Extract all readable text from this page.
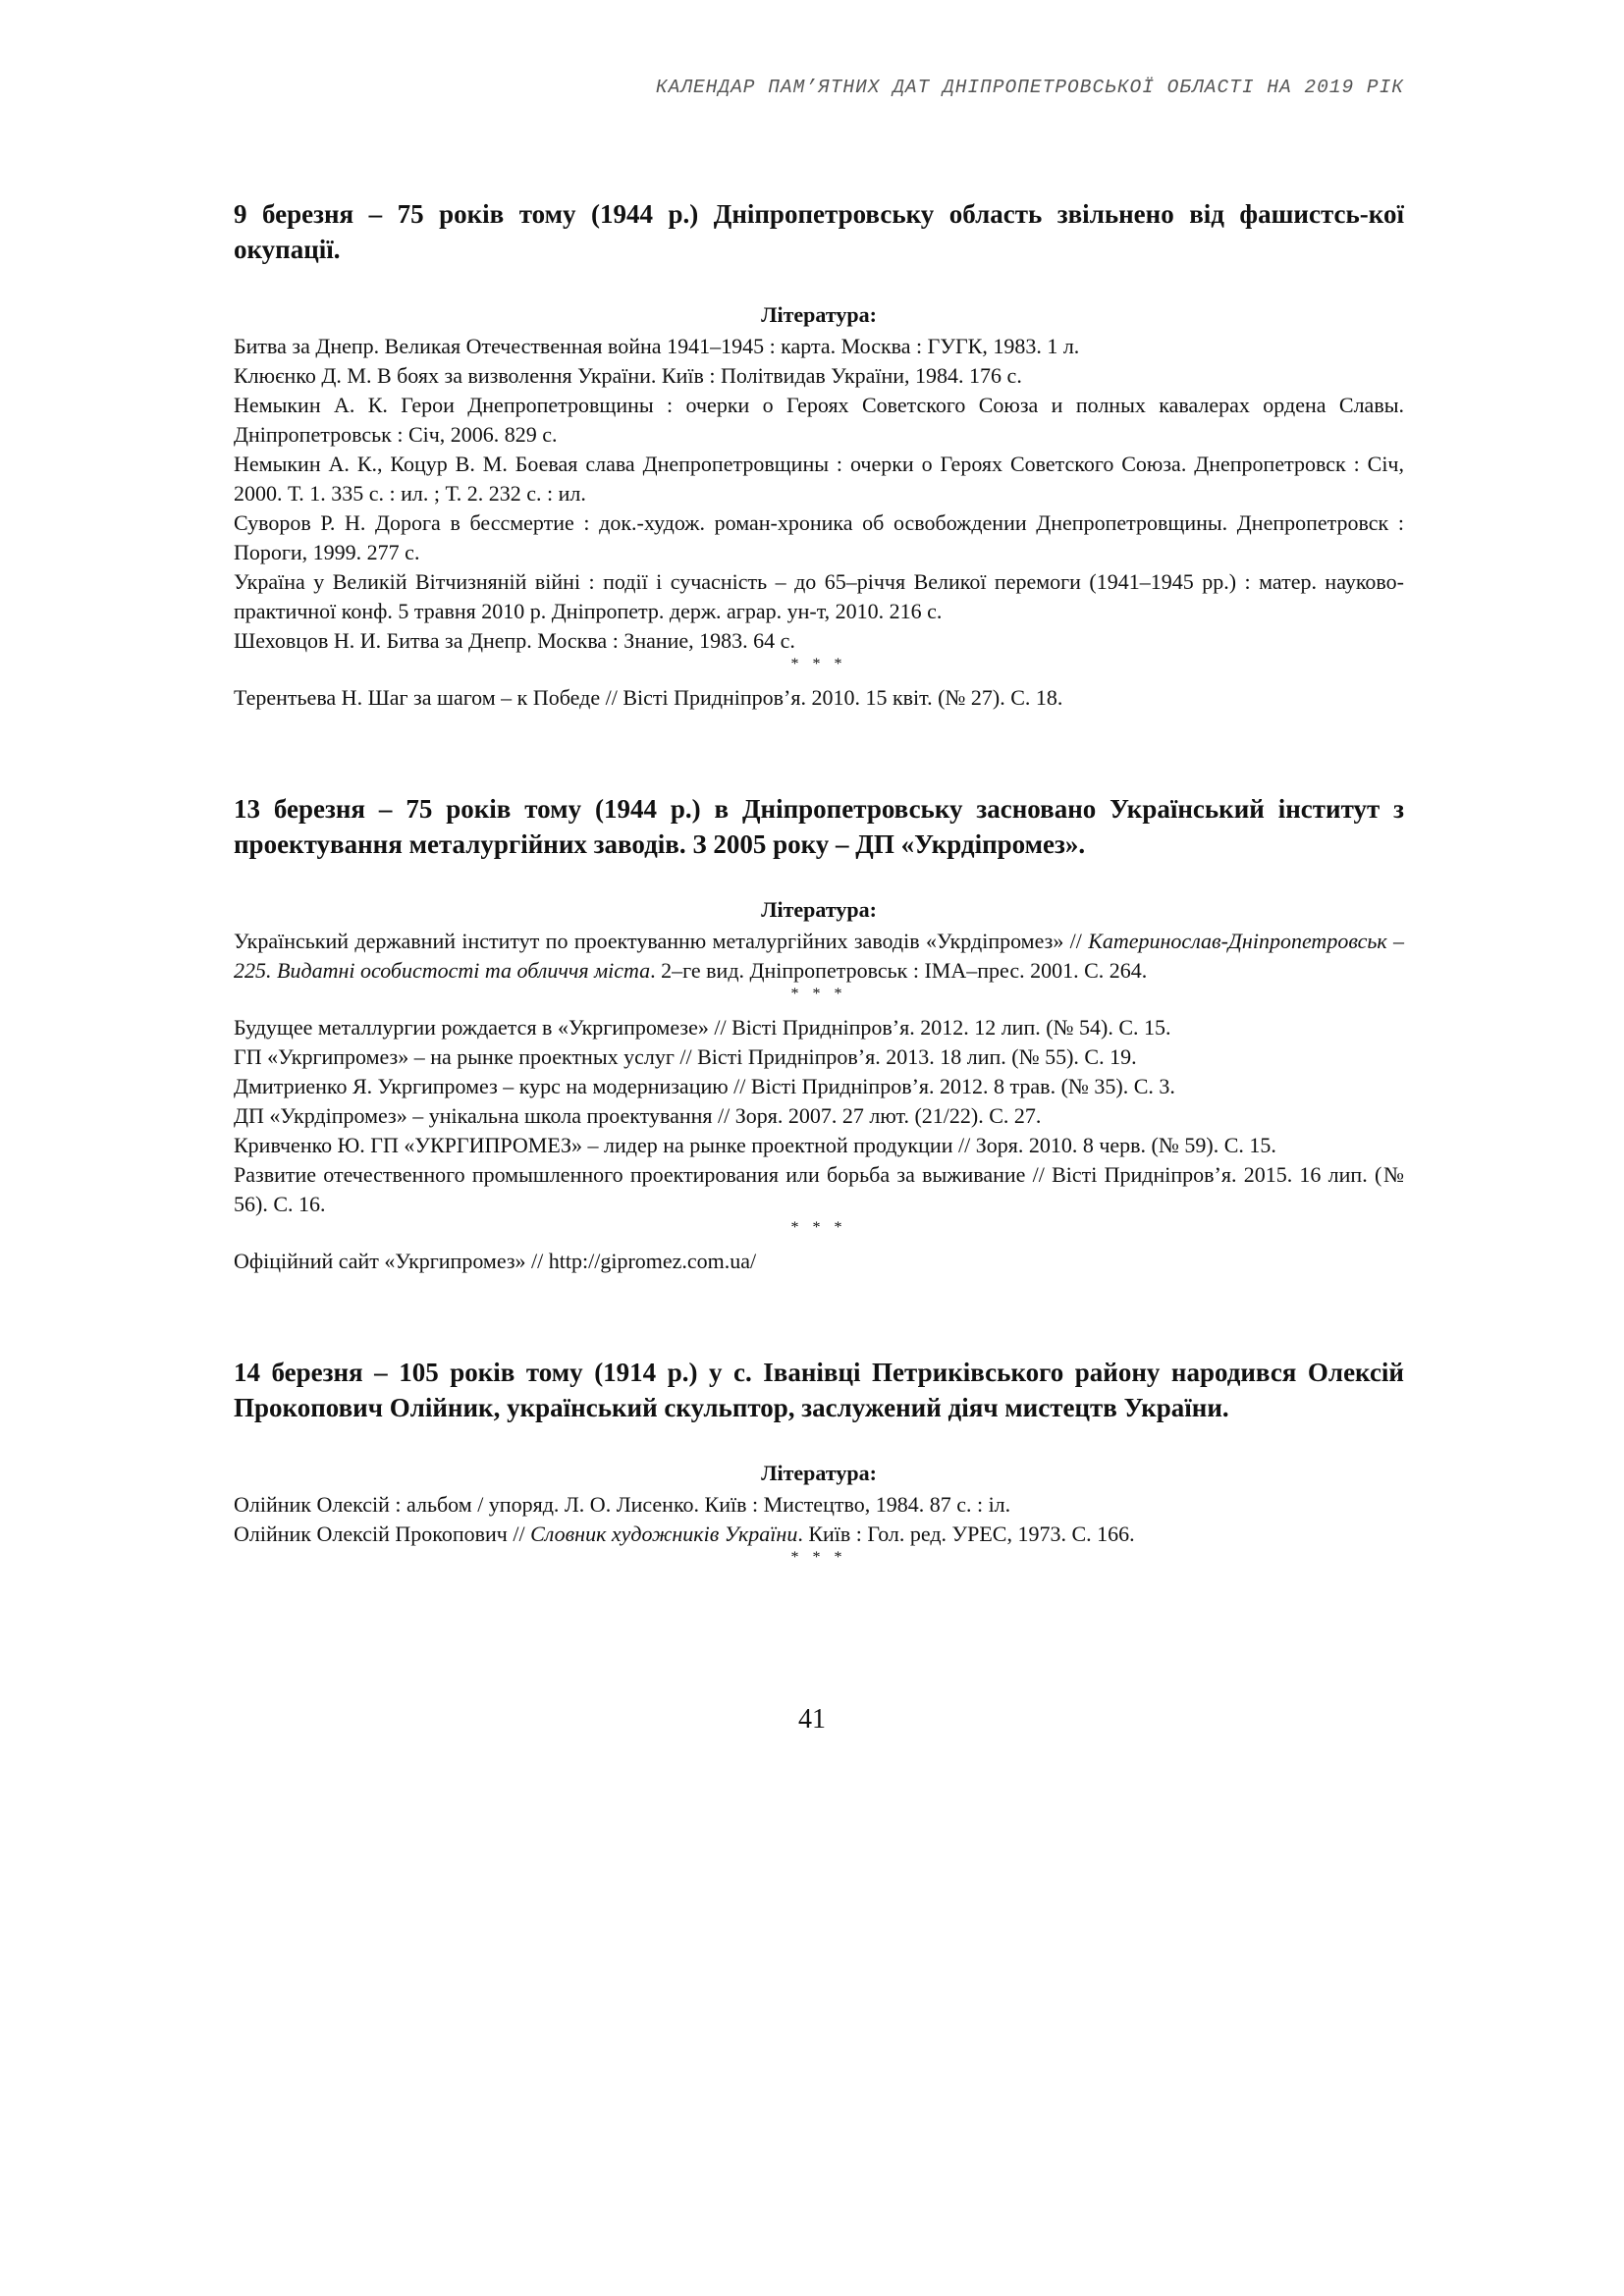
КАЛЕНДАР ПАМ’ЯТНИХ ДАТ ДНІПРОПЕТРОВСЬКОЇ ОБЛАСТІ НА 2019 РІК

9 березня – 75 років тому (1944 р.) Дніпропетровську область звільнено від фашистсь-кої окупації.

Література:

Битва за Днепр. Великая Отечественная война 1941–1945 : карта. Москва : ГУГК, 1983. 1 л.

Клюєнко Д. М. В боях за визволення України. Київ : Політвидав України, 1984. 176 с.

Немыкин А. К. Герои Днепропетровщины : очерки о Героях Советского Союза и полных кавалерах ордена Славы. Дніпропетровськ : Січ, 2006. 829 с.

Немыкин А. К., Коцур В. М. Боевая слава Днепропетровщины : очерки о Героях Советского Союза. Днепропетровск : Січ, 2000. Т. 1. 335 с. : ил. ; Т. 2. 232 с. : ил.

Суворов Р. Н. Дорога в бессмертие : док.-худож. роман-хроника об освобождении Днепропетровщины. Днепропетровск : Пороги, 1999. 277 с.

Україна у Великій Вітчизняній війні : події і сучасність – до 65–річчя Великої перемоги (1941–1945 рр.) : матер. науково-практичної конф. 5 травня 2010 р. Дніпропетр. держ. аграр. ун-т, 2010. 216 с.

Шеховцов Н. И. Битва за Днепр. Москва : Знание, 1983. 64 с.

* * *

Терентьева Н. Шаг за шагом – к Победе // Вісті Придніпров’я. 2010. 15 квіт. (№ 27). С. 18.

13 березня – 75 років тому (1944 р.) в Дніпропетровську засновано Український інститут з проектування металургійних заводів. З 2005 року – ДП «Укрдіпромез».

Література:

Український державний інститут по проектуванню металургійних заводів «Укрдіпромез» // Катеринослав-Дніпропетровськ – 225. Видатні особистості та обличчя міста. 2–ге вид. Дніпропетровськ : ІМА–прес. 2001. С. 264.

* * *

Будущее металлургии рождается в «Укргипромезе» // Вісті Придніпров’я. 2012. 12 лип. (№ 54). С. 15.

ГП «Укргипромез» – на рынке проектных услуг // Вісті Придніпров’я. 2013. 18 лип. (№ 55). С. 19.

Дмитриенко Я. Укргипромез – курс на модернизацию // Вісті Придніпров’я. 2012. 8 трав. (№ 35). С. 3.

ДП «Укрдіпромез» – унікальна школа проектування // Зоря. 2007. 27 лют. (21/22). С. 27.

Кривченко Ю. ГП «УКРГИПРОМЕЗ» – лидер на рынке проектной продукции // Зоря. 2010. 8 черв. (№ 59). С. 15.

Развитие отечественного промышленного проектирования или борьба за выживание // Вісті Придніпров’я. 2015. 16 лип. (№ 56). С. 16.

* * *

Офіційний сайт «Укргипромез» // http://gipromez.com.ua/

14 березня – 105 років тому (1914 р.) у с. Іванівці Петриківського району народився Олексій Прокопович Олійник, український скульптор, заслужений діяч мистецтв України.

Література:

Олійник Олексій : альбом / упоряд. Л. О. Лисенко. Київ : Мистецтво, 1984. 87 с. : іл.

Олійник Олексій Прокопович // Словник художників України. Київ : Гол. ред. УРЕС, 1973. С. 166.

* * *

41
